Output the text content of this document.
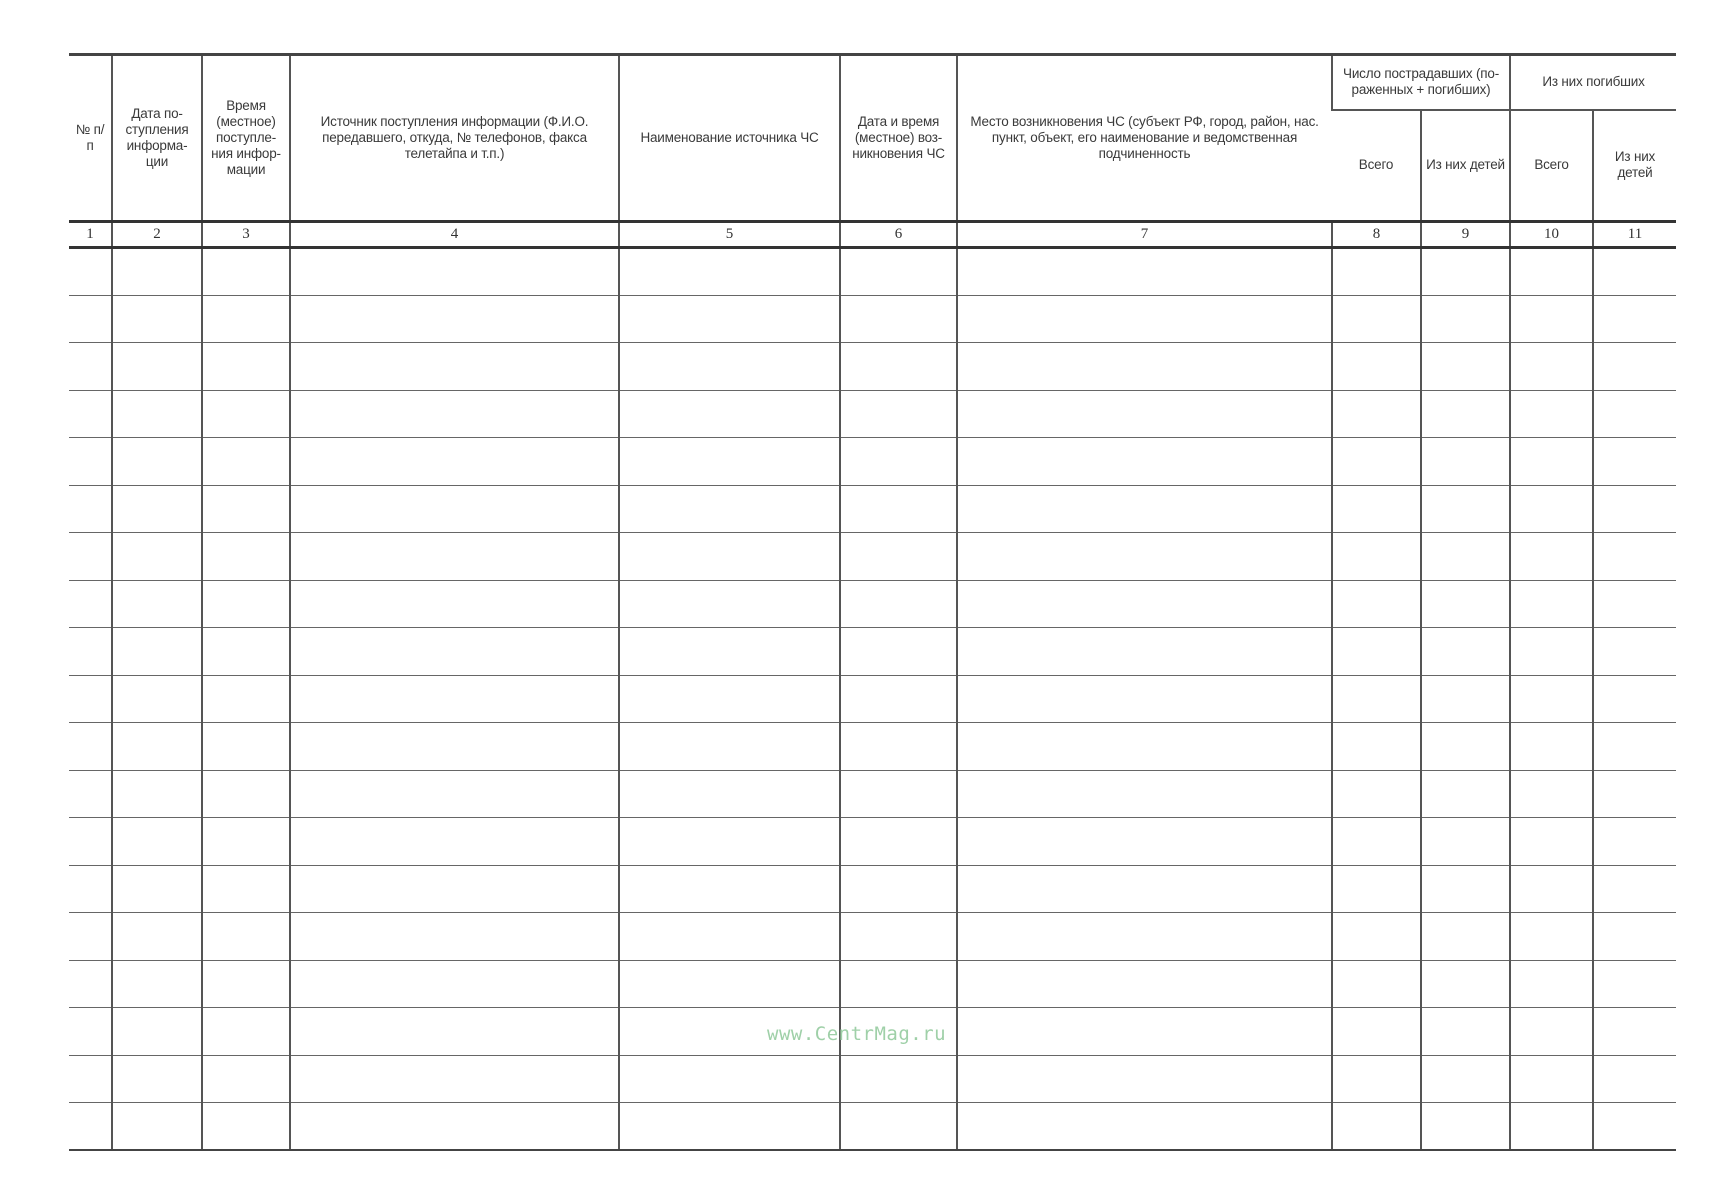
№ п/п	Дата по-ступления информа-ции	Время (местное) поступле-ния инфор-мации	Источник поступления информации (Ф.И.О. передавшего, откуда, № телефонов, факса телетайпа и т.п.)	Наименование источника ЧС	Дата и время (местное) воз-никновения ЧС	Место возникновения ЧС (субъект РФ, город, район, нас. пункт, объект, его наименование и ведомственная подчиненность	Число пострадавших (по-раженных + погибших)		Из них погибших	
							Всего	Из них детей	Всего	Из них детей
1	2	3	4	5	6	7	8	9	10	11

www.CentrMag.ru
